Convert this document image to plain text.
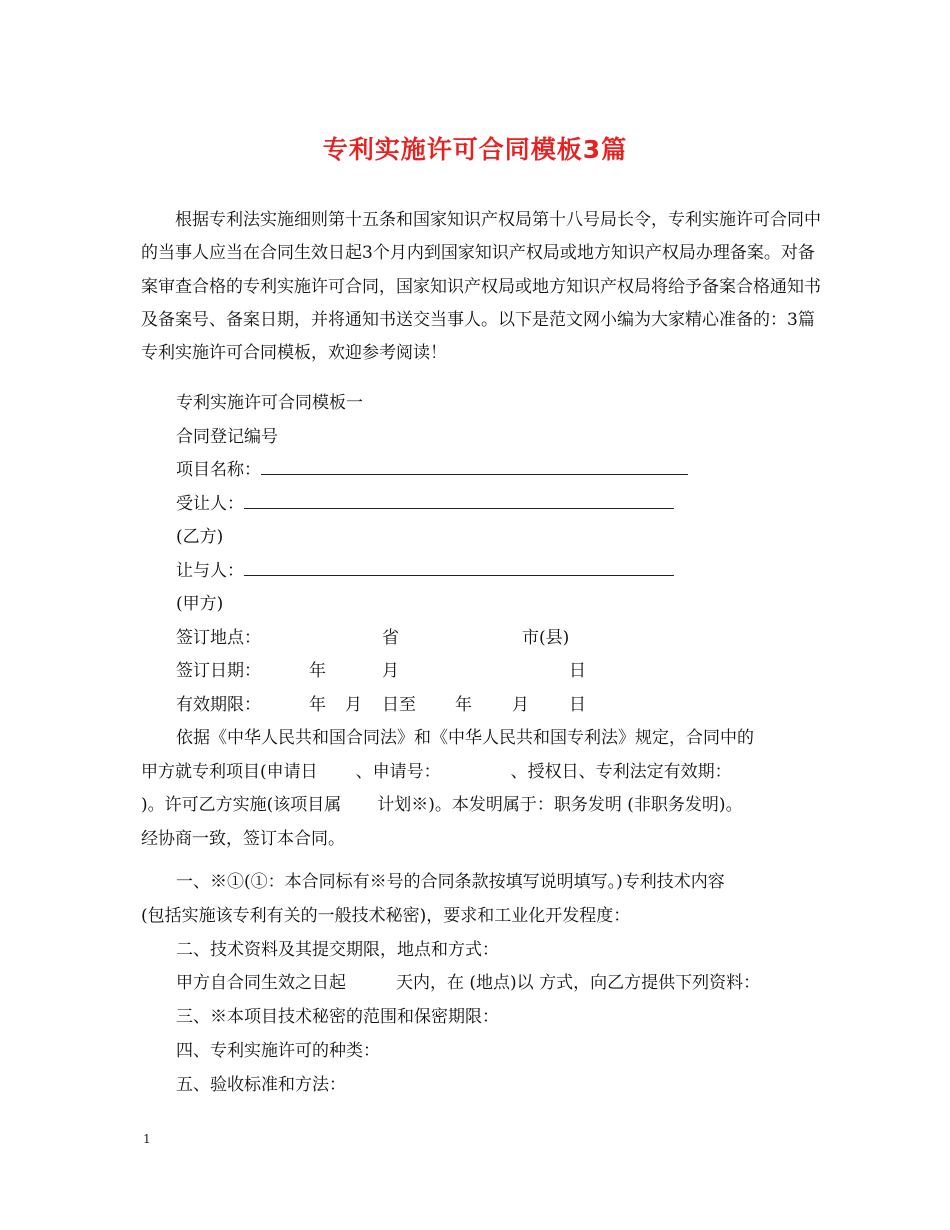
专利实施许可合同模板3篇
根据专利法实施细则第十五条和国家知识产权局第十八号局长令，专利实施许可合同中的当事人应当在合同生效日起3个月内到国家知识产权局或地方知识产权局办理备案。对备案审查合格的专利实施许可合同，国家知识产权局或地方知识产权局将给予备案合格通知书及备案号、备案日期，并将通知书送交当事人。以下是范文网小编为大家精心准备的：3篇专利实施许可合同模板，欢迎参考阅读！
专利实施许可合同模板一
合同登记编号
项目名称：
受让人：
(乙方)
让与人：
(甲方)
签订地点：	省	市(县)
签订日期：	年	月	日
有效期限：	年 月 日至 年 月 日
依据《中华人民共和国合同法》和《中华人民共和国专利法》规定，合同中的
甲方就专利项目(申请日 、申请号：	、授权日、专利法定有效期：
)。许可乙方实施(该项目属 计划※)。本发明属于：职务发明 (非职务发明)。
经协商一致，签订本合同。
一、※①(①：本合同标有※号的合同条款按填写说明填写。)专利技术内容
(包括实施该专利有关的一般技术秘密)，要求和工业化开发程度：
二、技术资料及其提交期限，地点和方式：
甲方自合同生效之日起	天内，在 (地点)以 方式，向乙方提供下列资料：
三、※本项目技术秘密的范围和保密期限：
四、专利实施许可的种类：
五、验收标准和方法：
1
